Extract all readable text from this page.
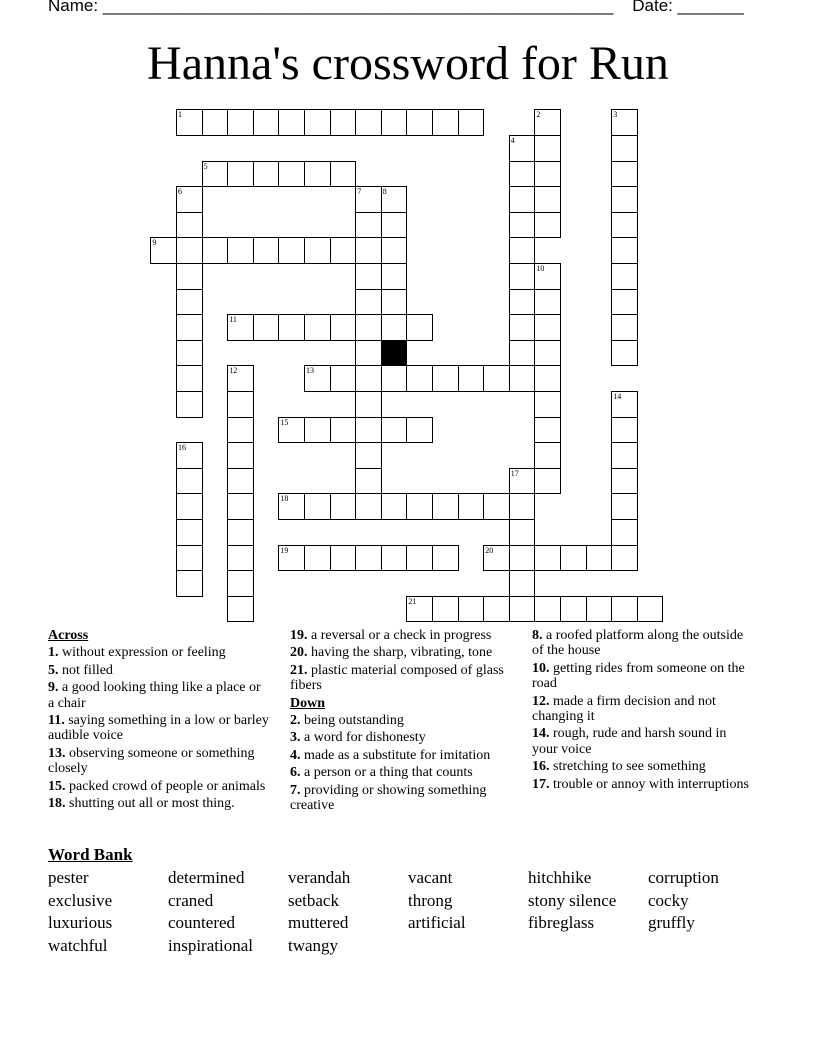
Name: ______________________________________________________    Date: _______
Hanna's crossword for Run
1	2	3
4
5
6	7	8
9
10
11
12	13
14
15
16
17
18
19	20
21
Across
1. without expression or feeling
5. not filled
9. a good looking thing like a place or a chair
11. saying something in a low or barley audible voice
13. observing someone or something closely
15. packed crowd of people or animals
18. shutting out all or most thing.
19. a reversal or a check in progress
20. having the sharp, vibrating, tone
21. plastic material composed of glass fibers
Down
2. being outstanding
3. a word for dishonesty
4. made as a substitute for imitation
6. a person or a thing that counts
7. providing or showing something creative
8. a roofed platform along the outside of the house
10. getting rides from someone on the road
12. made a firm decision and not changing it
14. rough, rude and harsh sound in your voice
16. stretching to see something
17. trouble or annoy with interruptions
Word Bank
pester	determined	verandah	vacant	hitchhike	corruption
exclusive	craned	setback	throng	stony silence	cocky
luxurious	countered	muttered	artificial	fibreglass	gruffly
watchful	inspirational	twangy
